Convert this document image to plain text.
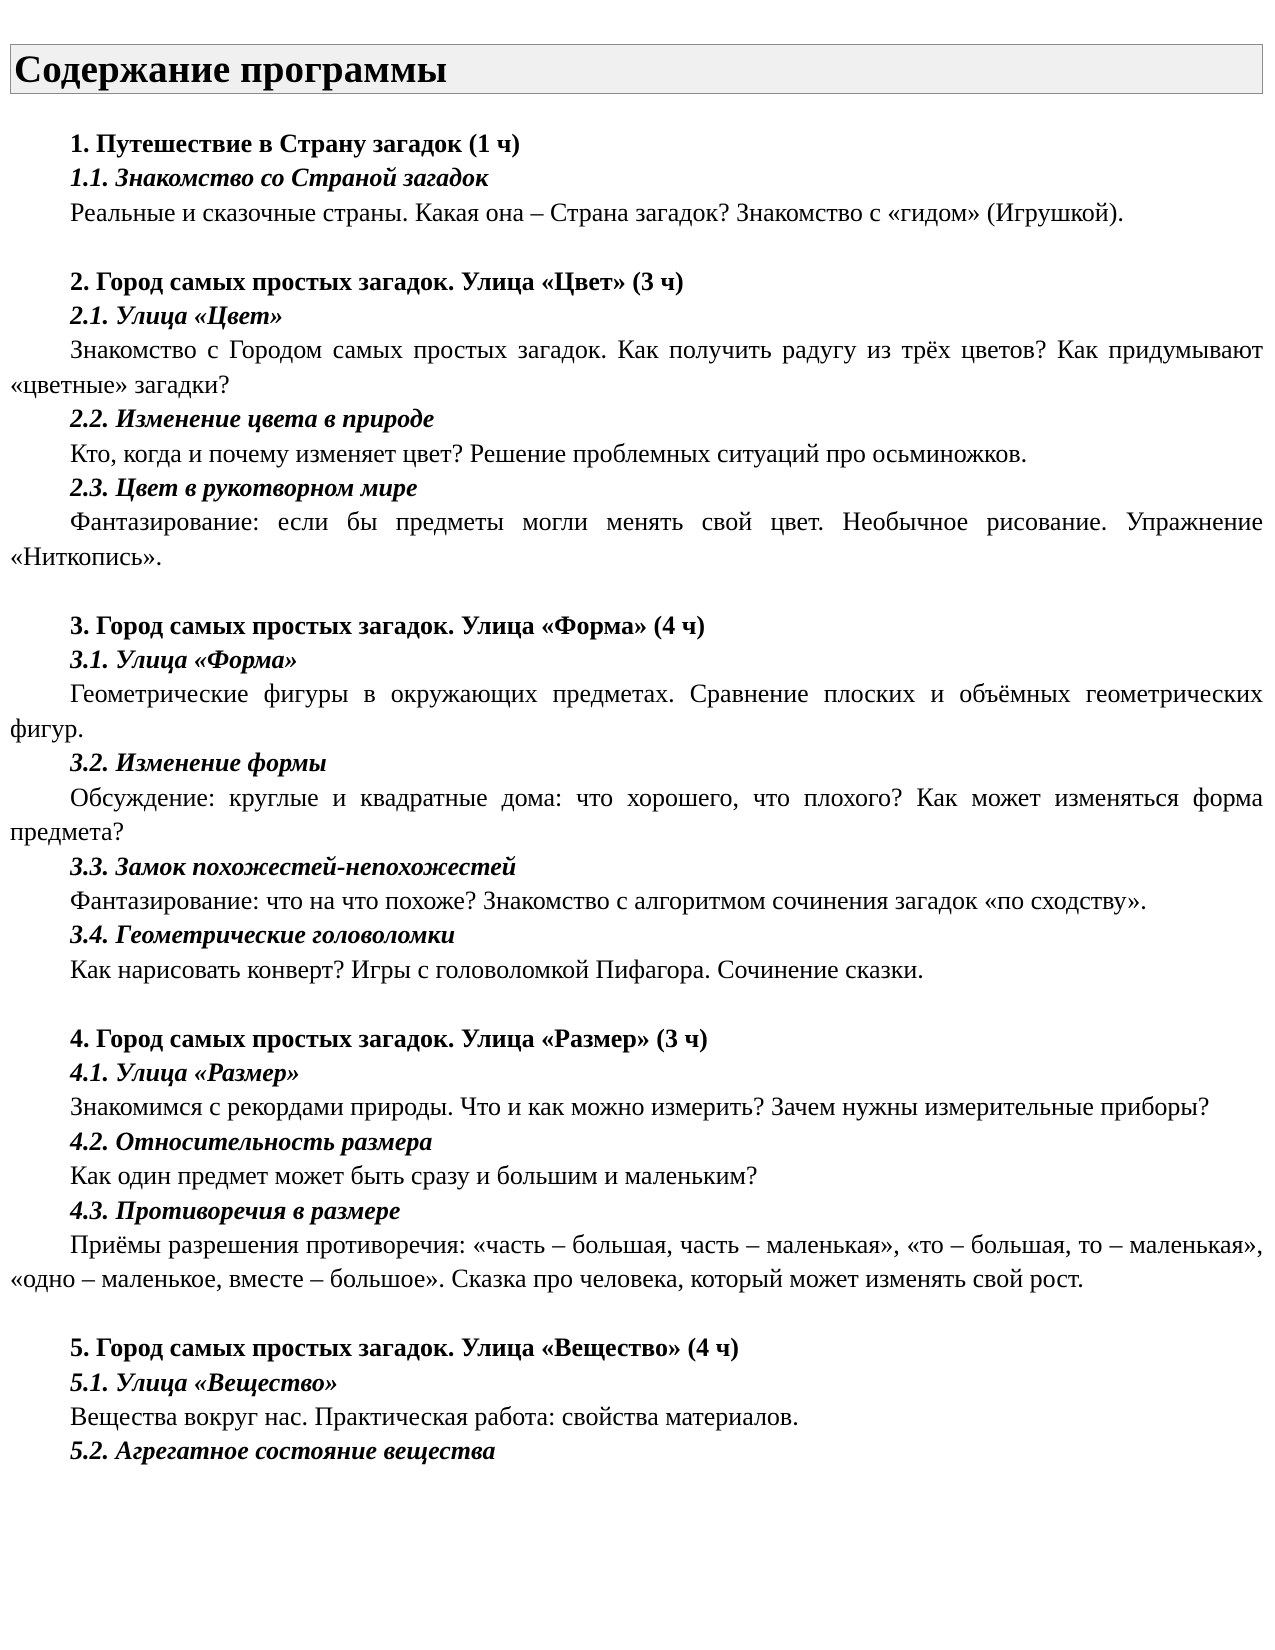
Содержание программы
1. Путешествие в Страну загадок (1 ч)
1.1. Знакомство со Страной загадок

Реальные и сказочные страны. Какая она – Страна загадок? Знакомство с «гидом» (Игрушкой).

2. Город самых простых загадок. Улица «Цвет» (3 ч)
2.1. Улица «Цвет»

Знакомство с Городом самых простых загадок. Как получить радугу из трёх цветов? Как придумывают «цветные» загадки?

2.2. Изменение цвета в природе

Кто, когда и почему изменяет цвет? Решение проблемных ситуаций про осьминожков.

2.3. Цвет в рукотворном мире

Фантазирование: если бы предметы могли менять свой цвет. Необычное рисование. Упражнение «Ниткопись».

3. Город самых простых загадок. Улица «Форма» (4 ч)
3.1. Улица «Форма»

Геометрические фигуры в окружающих предметах. Сравнение плоских и объёмных геометрических фигур.

3.2. Изменение формы

Обсуждение: круглые и квадратные дома: что хорошего, что плохого? Как может изменяться форма предмета?

3.3. Замок похожестей-непохожестей

Фантазирование: что на что похоже? Знакомство с алгоритмом сочинения загадок «по сходству».

3.4. Геометрические головоломки

Как нарисовать конверт? Игры с головоломкой Пифагора. Сочинение сказки.

4. Город самых простых загадок. Улица «Размер» (3 ч)
4.1. Улица «Размер»

Знакомимся с рекордами природы. Что и как можно измерить? Зачем нужны измерительные приборы?

4.2. Относительность размера

Как один предмет может быть сразу и большим и маленьким?

4.3. Противоречия в размере

Приёмы разрешения противоречия: «часть – большая, часть – маленькая», «то – большая, то – маленькая», «одно – маленькое, вместе – большое». Сказка про человека, который может изменять свой рост.

5. Город самых простых загадок. Улица «Вещество» (4 ч)
5.1. Улица «Вещество»

Вещества вокруг нас. Практическая работа: свойства материалов.

5.2. Агрегатное состояние вещества
